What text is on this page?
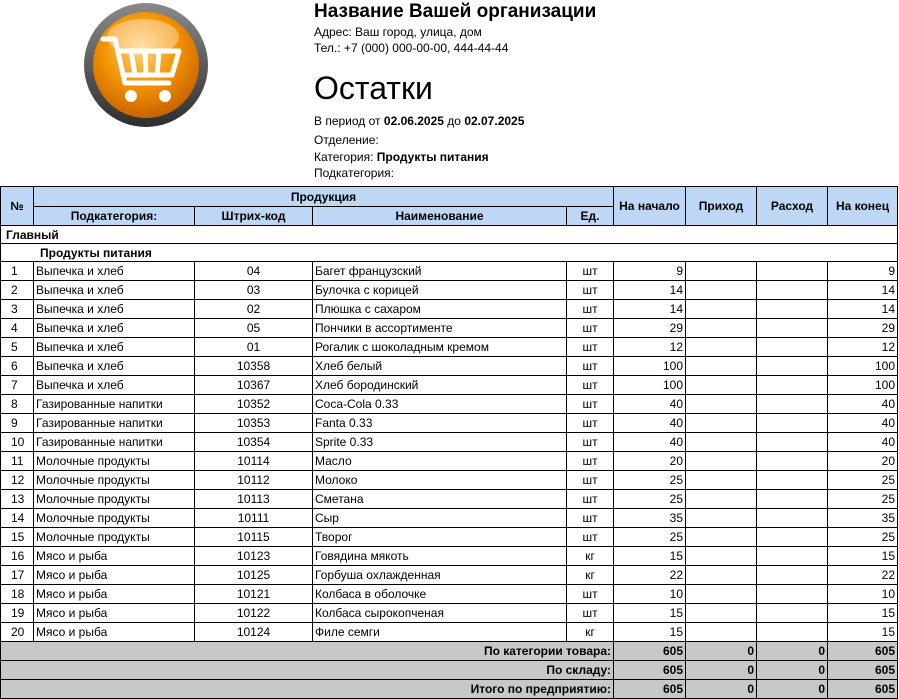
Название Вашей организации
Адрес: Ваш город, улица, дом
Тел.: +7 (000) 000-00-00, 444-44-44
Остатки
В период от 02.06.2025 до 02.07.2025
Отделение:
Категория: Продукты питания
Подкатегория:
№	Продукция				На начало	Приход	Расход	На конец
	Подкатегория:	Штрих-код	Наименование	Ед.				
Главный								
Продукты питания								
1	Выпечка и хлеб	04	Багет французский	шт	9			9
2	Выпечка и хлеб	03	Булочка с корицей	шт	14			14
3	Выпечка и хлеб	02	Плюшка с сахаром	шт	14			14
4	Выпечка и хлеб	05	Пончики в ассортименте	шт	29			29
5	Выпечка и хлеб	01	Рогалик с шоколадным кремом	шт	12			12
6	Выпечка и хлеб	10358	Хлеб белый	шт	100			100
7	Выпечка и хлеб	10367	Хлеб бородинский	шт	100			100
8	Газированные напитки	10352	Coca-Cola 0.33	шт	40			40
9	Газированные напитки	10353	Fanta 0.33	шт	40			40
10	Газированные напитки	10354	Sprite 0.33	шт	40			40
11	Молочные продукты	10114	Масло	шт	20			20
12	Молочные продукты	10112	Молоко	шт	25			25
13	Молочные продукты	10113	Сметана	шт	25			25
14	Молочные продукты	10111	Сыр	шт	35			35
15	Молочные продукты	10115	Творог	шт	25			25
16	Мясо и рыба	10123	Говядина мякоть	кг	15			15
17	Мясо и рыба	10125	Горбуша охлажденная	кг	22			22
18	Мясо и рыба	10121	Колбаса в оболочке	шт	10			10
19	Мясо и рыба	10122	Колбаса сырокопченая	шт	15			15
20	Мясо и рыба	10124	Филе семги	кг	15			15
По категории товара:					605	0	0	605
По складу:					605	0	0	605
Итого по предприятию:					605	0	0	605
